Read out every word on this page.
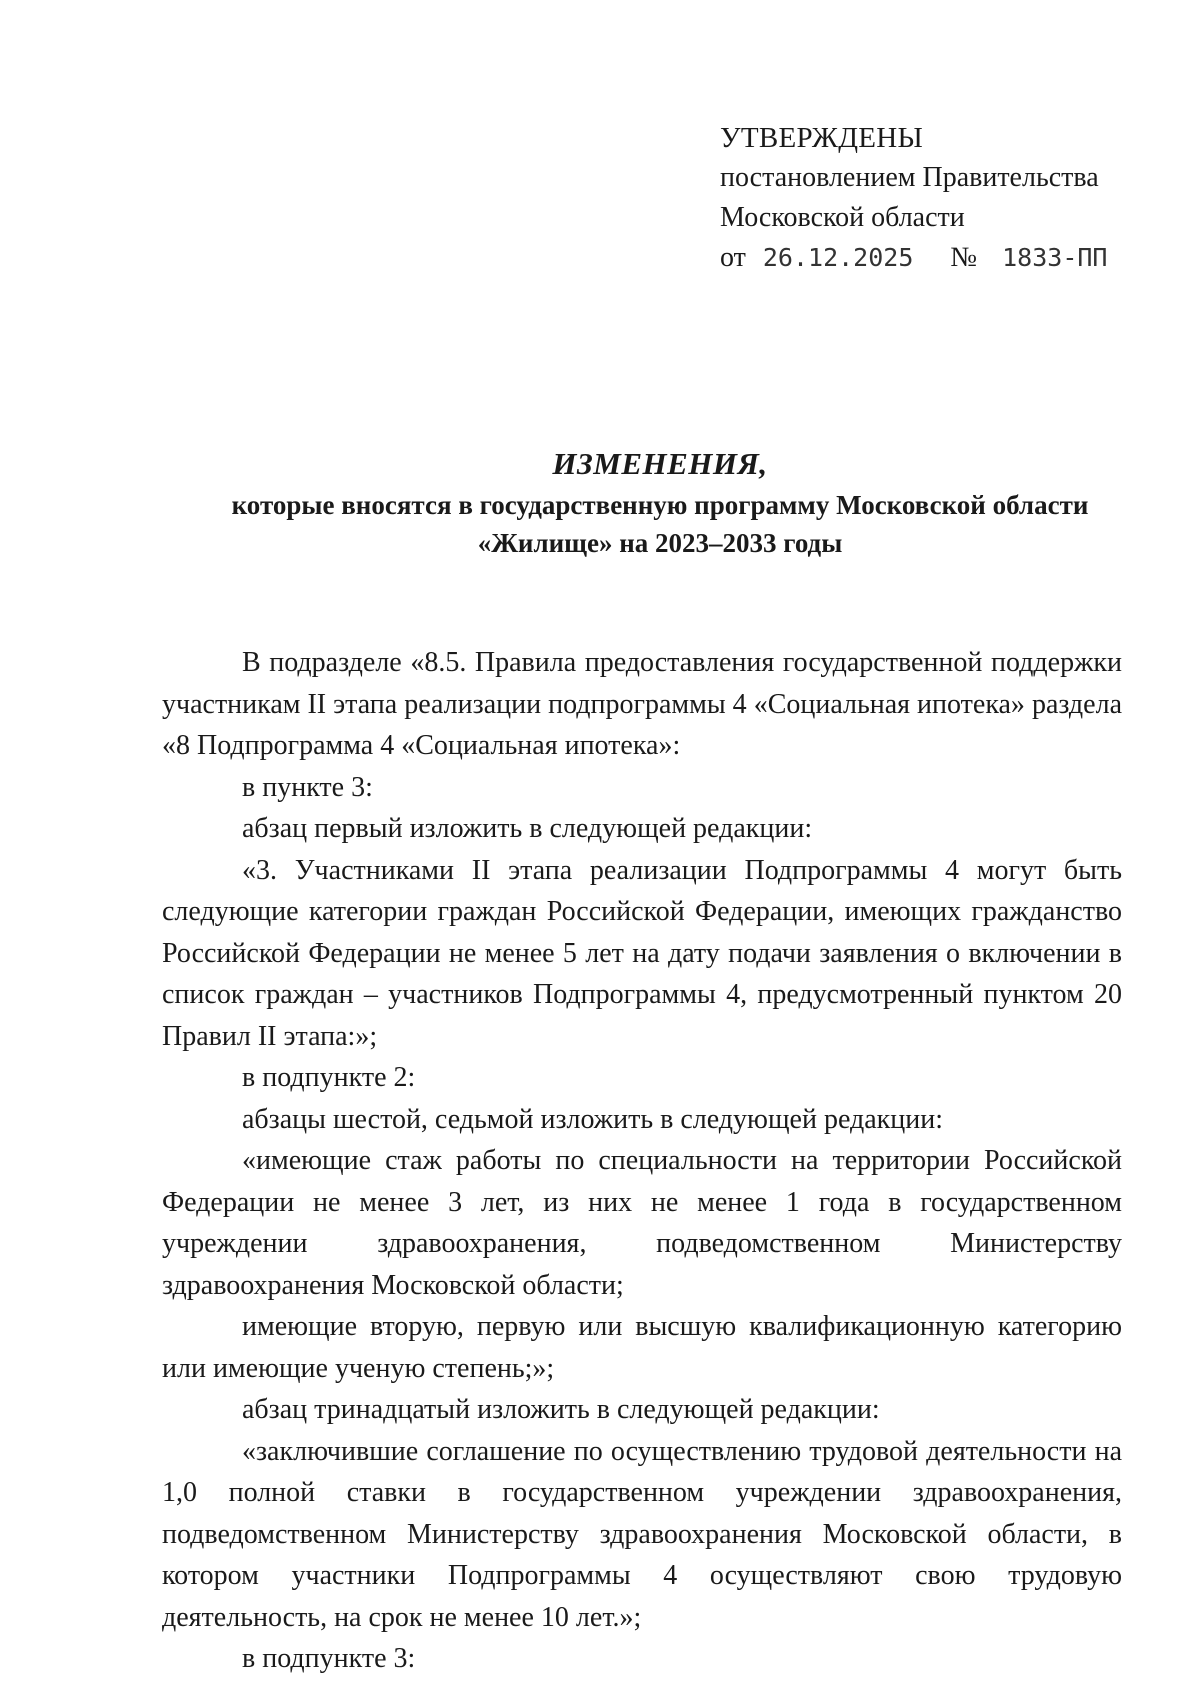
УТВЕРЖДЕНЫ
постановлением Правительства
Московской области
от 26.12.2025 № 1833-ПП
ИЗМЕНЕНИЯ,
которые вносятся в государственную программу Московской области
«Жилище» на 2023–2033 годы

В подразделе «8.5. Правила предоставления государственной поддержки участникам II этапа реализации подпрограммы 4 «Социальная ипотека» раздела «8 Подпрограмма 4 «Социальная ипотека»:

в пункте 3:

абзац первый изложить в следующей редакции:

«3. Участниками II этапа реализации Подпрограммы 4 могут быть следующие категории граждан Российской Федерации, имеющих гражданство Российской Федерации не менее 5 лет на дату подачи заявления о включении в список граждан – участников Подпрограммы 4, предусмотренный пунктом 20 Правил II этапа:»;

в подпункте 2:

абзацы шестой, седьмой изложить в следующей редакции:

«имеющие стаж работы по специальности на территории Российской Федерации не менее 3 лет, из них не менее 1 года в государственном учреждении здравоохранения, подведомственном Министерству здравоохранения Московской области;

имеющие вторую, первую или высшую квалификационную категорию или имеющие ученую степень;»;

абзац тринадцатый изложить в следующей редакции:

«заключившие соглашение по осуществлению трудовой деятельности на 1,0 полной ставки в государственном учреждении здравоохранения, подведомственном Министерству здравоохранения Московской области, в котором участники Подпрограммы 4 осуществляют свою трудовую деятельность, на срок не менее 10 лет.»;

в подпункте 3:
